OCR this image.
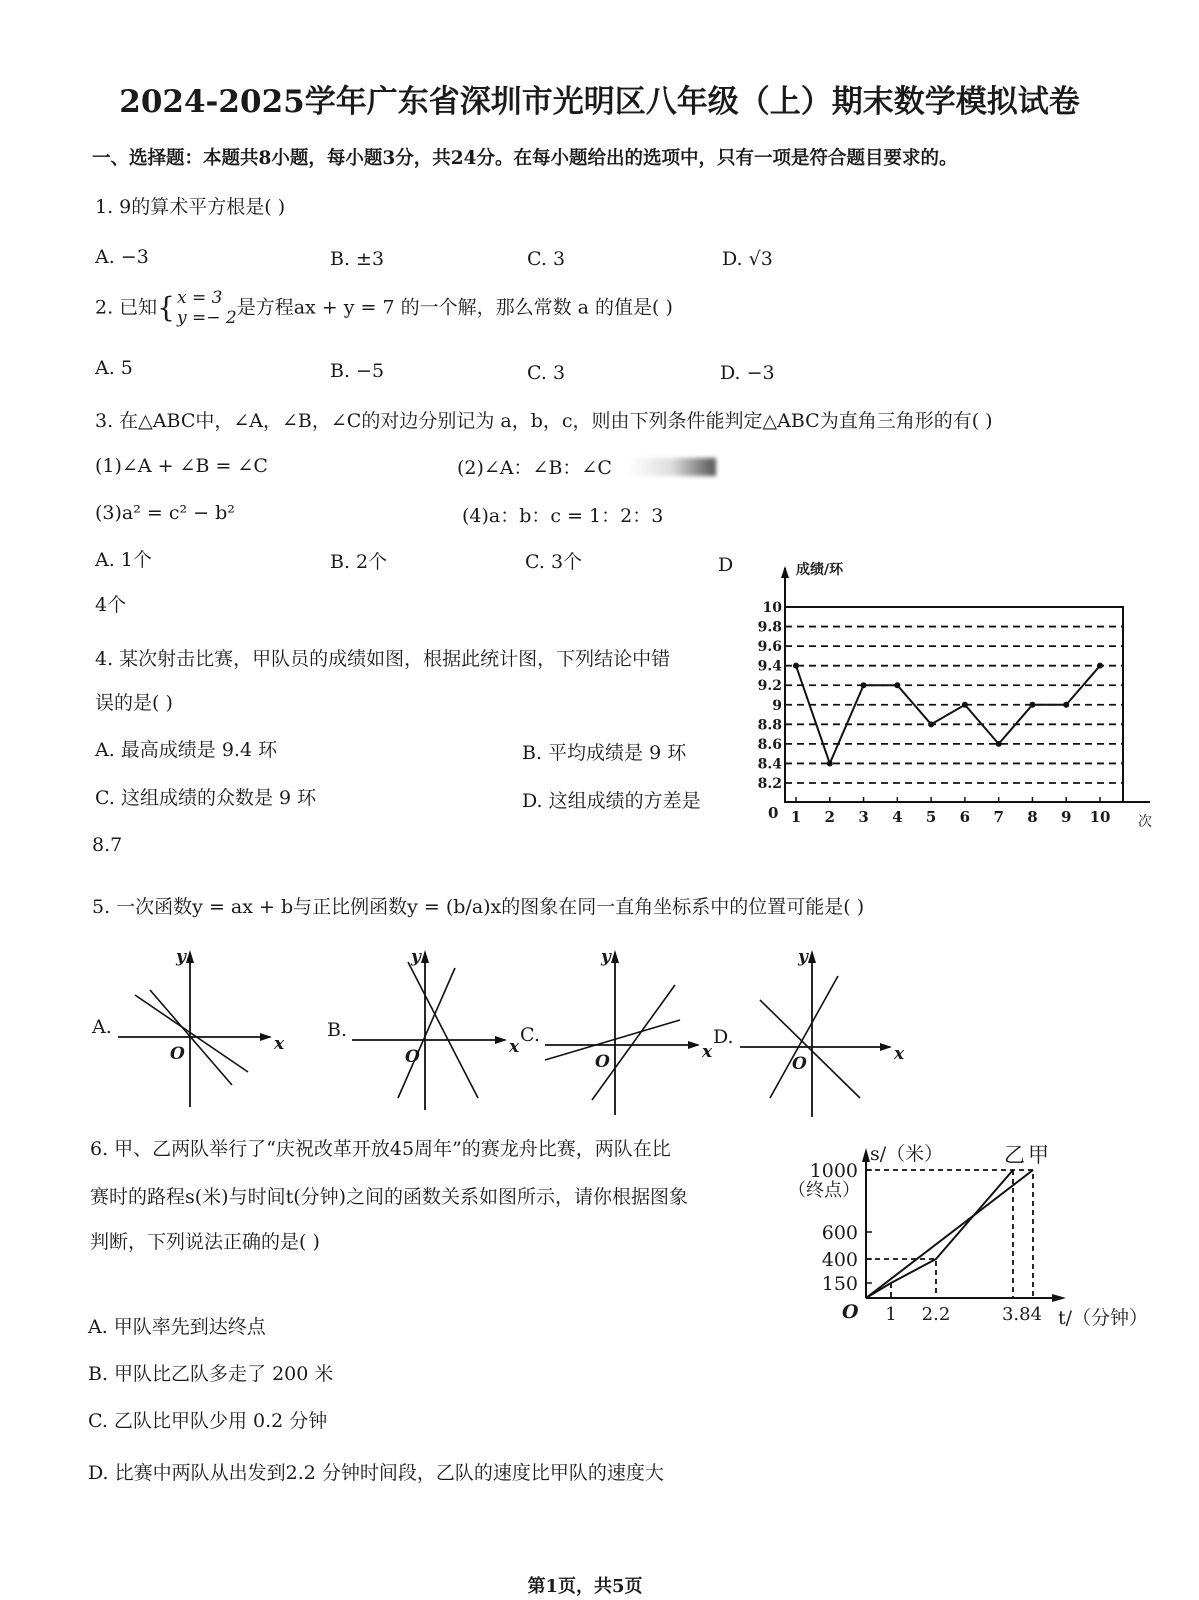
2024-2025学年广东省深圳市光明区八年级（上）期末数学模拟试卷
一、选择题：本题共8小题，每小题3分，共24分。在每小题给出的选项中，只有一项是符合题目要求的。
1. 9的算术平方根是( )
A. −3	B. ±3	C. 3	D. √3
2. 已知{ x = 3
y =− 2是方程ax + y = 7 的一个解，那么常数 a 的值是( )
A. 5	B. −5	C. 3	D. −3
3. 在△ABC中，∠A，∠B，∠C的对边分别记为 a，b，c，则由下列条件能判定△ABC为直角三角形的有( )
(1)∠A + ∠B = ∠C	(2)∠A：∠B：∠C
(3)a² = c² − b²	(4)a：b：c = 1：2：3
A. 1个	B. 2个	C. 3个	D
4个
4. 某次射击比赛，甲队员的成绩如图，根据此统计图，下列结论中错
误的是( )
A. 最高成绩是 9.4 环	B. 平均成绩是 9 环
C. 这组成绩的众数是 9 环	D. 这组成绩的方差是
8.7
成绩/环
次
0
8.2
8.4
8.6
8.8
9
9.2
9.4
9.6
9.8
10
1 2 3 4 5 6 7 8 9 10
5. 一次函数y = ax + b与正比例函数y = (b/a)x的图象在同一直角坐标系中的位置可能是( )
A.
y
x
O
B.
y
x
O
C.
y
x
O
D.
y
x
O
6. 甲、乙两队举行了“庆祝改革开放45周年”的赛龙舟比赛，两队在比
赛时的路程s(米)与时间t(分钟)之间的函数关系如图所示，请你根据图象
判断，下列说法正确的是( )
A. 甲队率先到达终点
B. 甲队比乙队多走了 200 米
C. 乙队比甲队少用 0.2 分钟
D. 比赛中两队从出发到2.2 分钟时间段，乙队的速度比甲队的速度大
s/（米）
t/（分钟）
（终点）
O
150
400
600
1000
1 2.2	3.84
乙 甲
第1页，共5页
